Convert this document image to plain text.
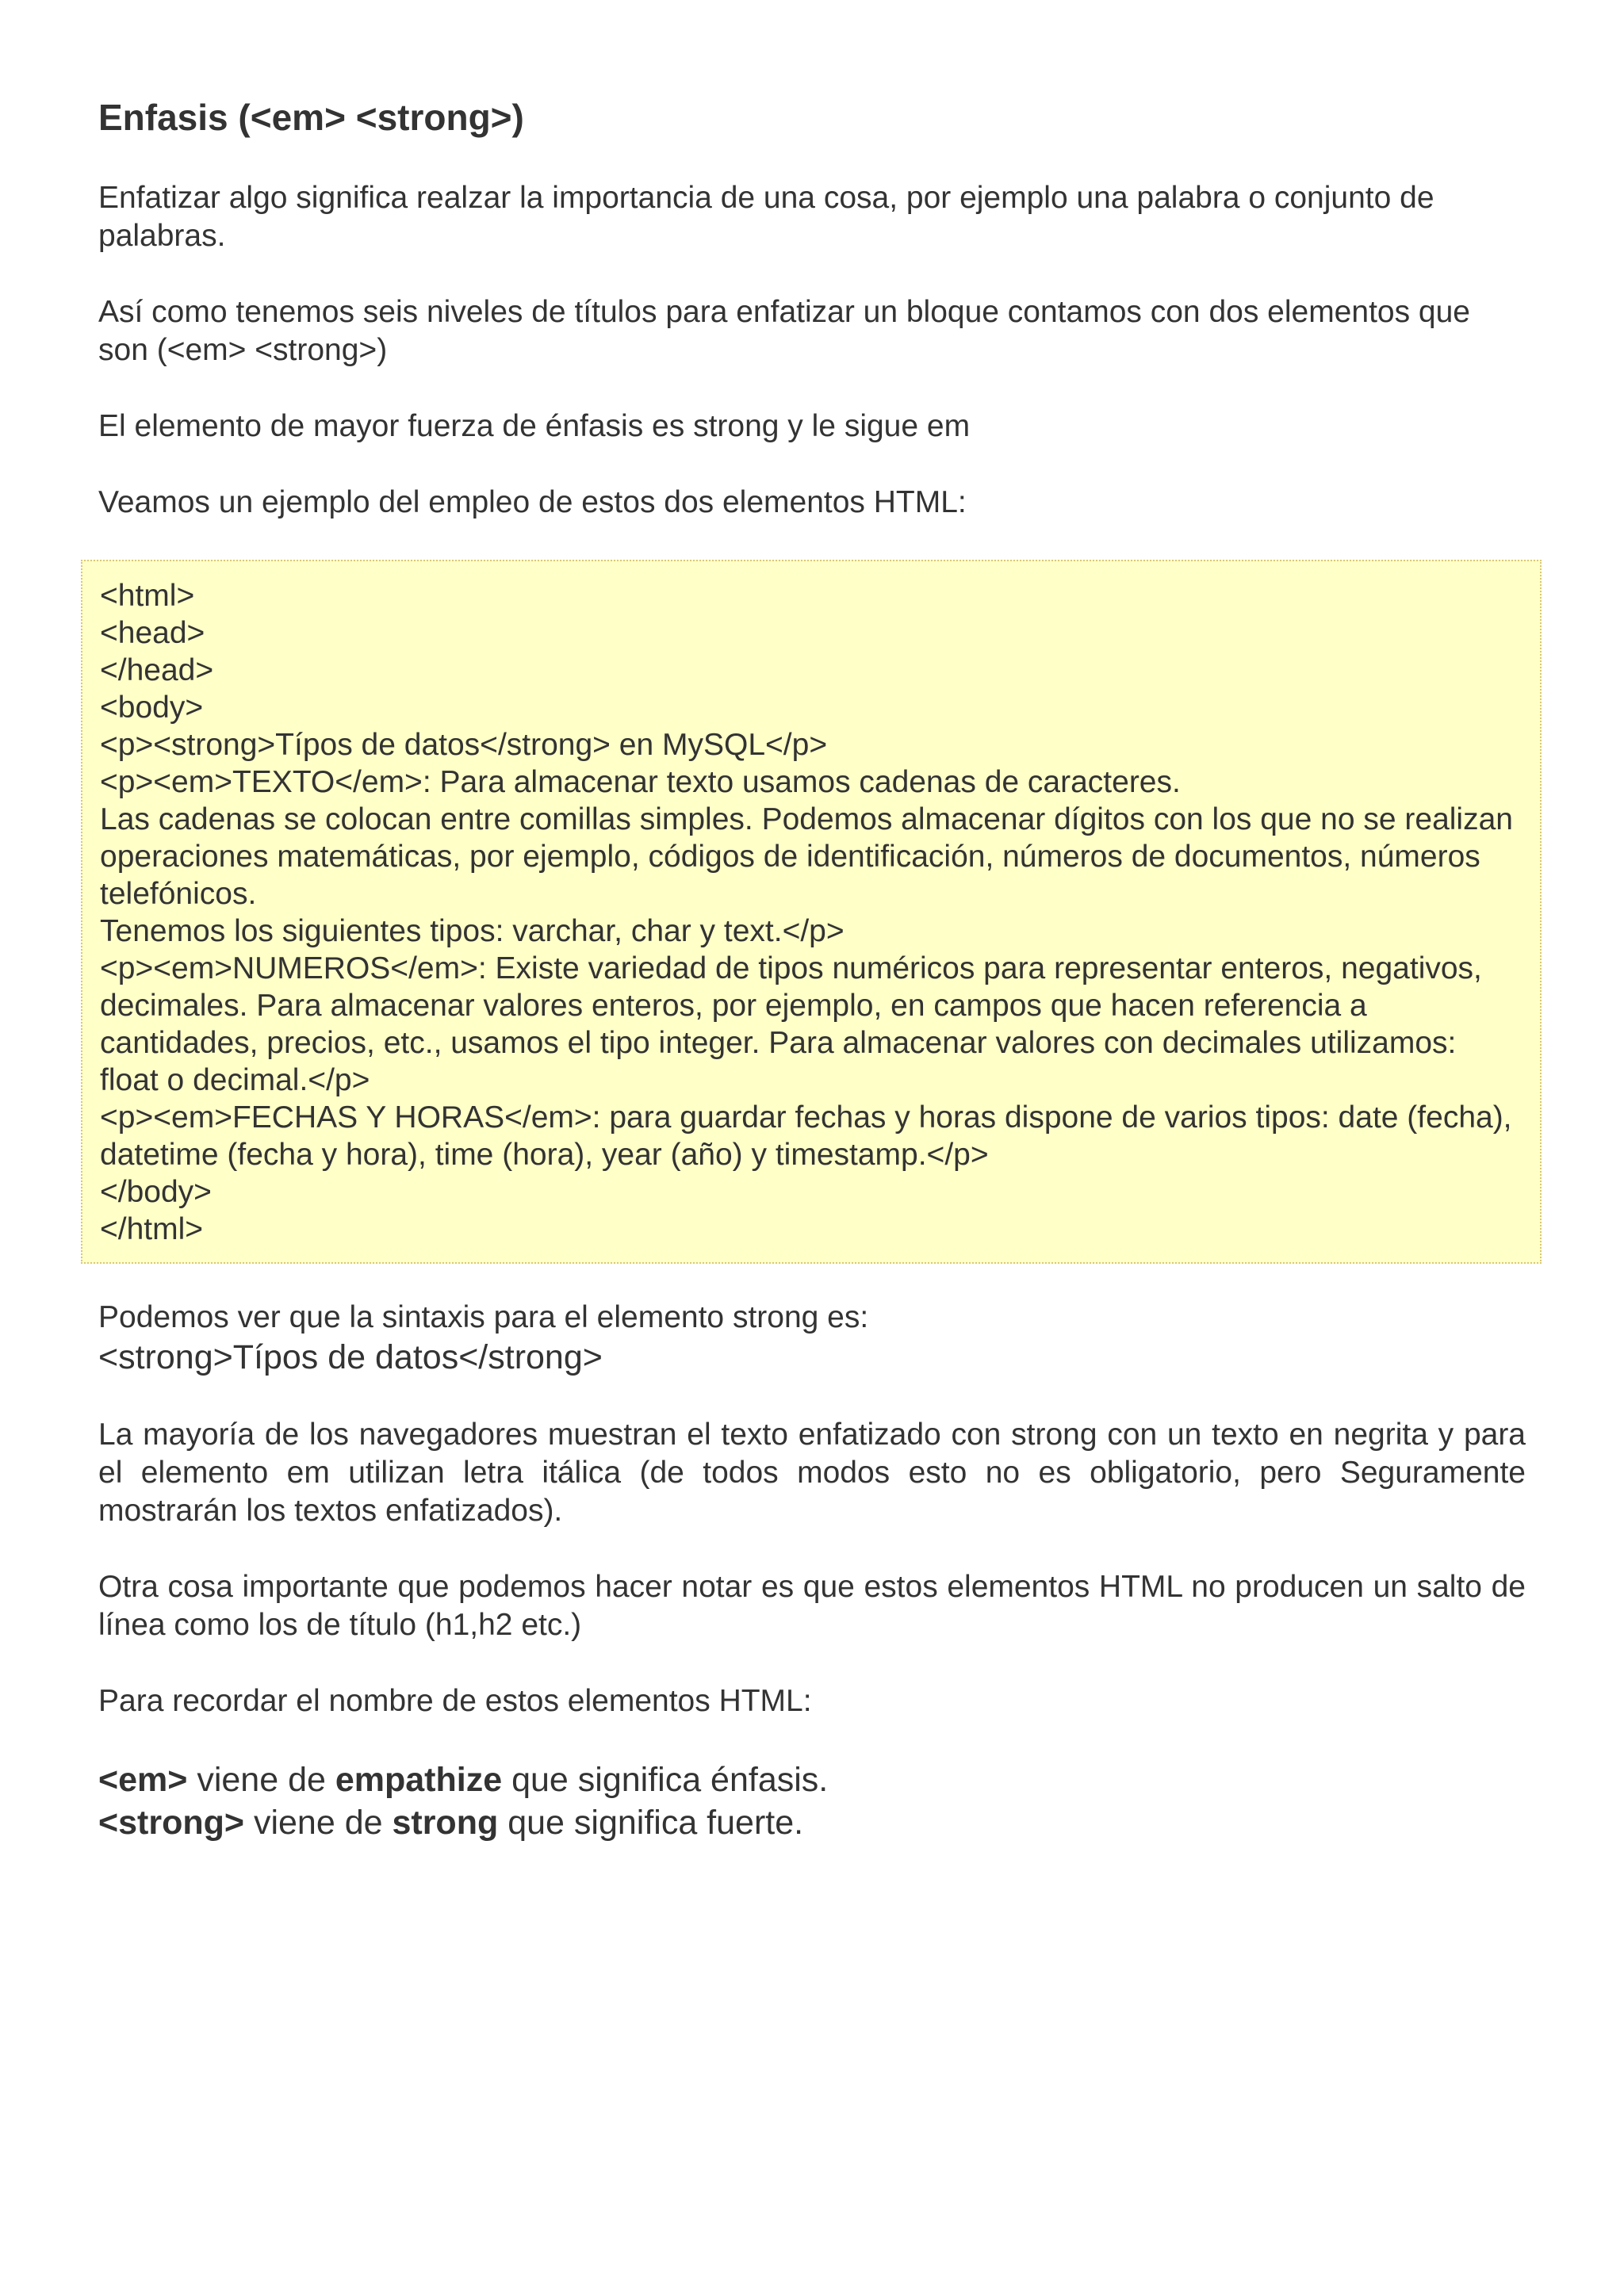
Enfasis (<em> <strong>)

Enfatizar algo significa realzar la importancia de una cosa, por ejemplo una palabra o conjunto de palabras.

Así como tenemos seis niveles de títulos para enfatizar un bloque contamos con dos elementos que son (<em> <strong>)

El elemento de mayor fuerza de énfasis es strong y le sigue em

Veamos un ejemplo del empleo de estos dos elementos HTML:

<html>

<head>

</head>

<body>

<p><strong>Típos de datos</strong> en MySQL</p>

<p><em>TEXTO</em>: Para almacenar texto usamos cadenas de caracteres.

Las cadenas se colocan entre comillas simples. Podemos almacenar dígitos con los que no se realizan operaciones matemáticas, por ejemplo, códigos de identificación, números de documentos, números telefónicos.

Tenemos los siguientes tipos: varchar, char y text.</p>

<p><em>NUMEROS</em>: Existe variedad de tipos numéricos para representar enteros, negativos, decimales. Para almacenar valores enteros, por ejemplo, en campos que hacen referencia a cantidades, precios, etc., usamos el tipo integer. Para almacenar valores con decimales utilizamos: float o decimal.</p>

<p><em>FECHAS Y HORAS</em>: para guardar fechas y horas dispone de varios tipos: date (fecha), datetime (fecha y hora), time (hora), year (año) y timestamp.</p>

</body>

</html>

Podemos ver que la sintaxis para el elemento strong es:

<strong>Típos de datos</strong>

La mayoría de los navegadores muestran el texto enfatizado con strong con un texto en negrita y para el elemento em utilizan letra itálica (de todos modos esto no es obligatorio, pero Seguramente mostrarán los textos enfatizados).

Otra cosa importante que podemos hacer notar es que estos elementos HTML no producen un salto de línea como los de título (h1,h2 etc.)

Para recordar el nombre de estos elementos HTML:

<em> viene de empathize que significa énfasis.

<strong> viene de strong que significa fuerte.
